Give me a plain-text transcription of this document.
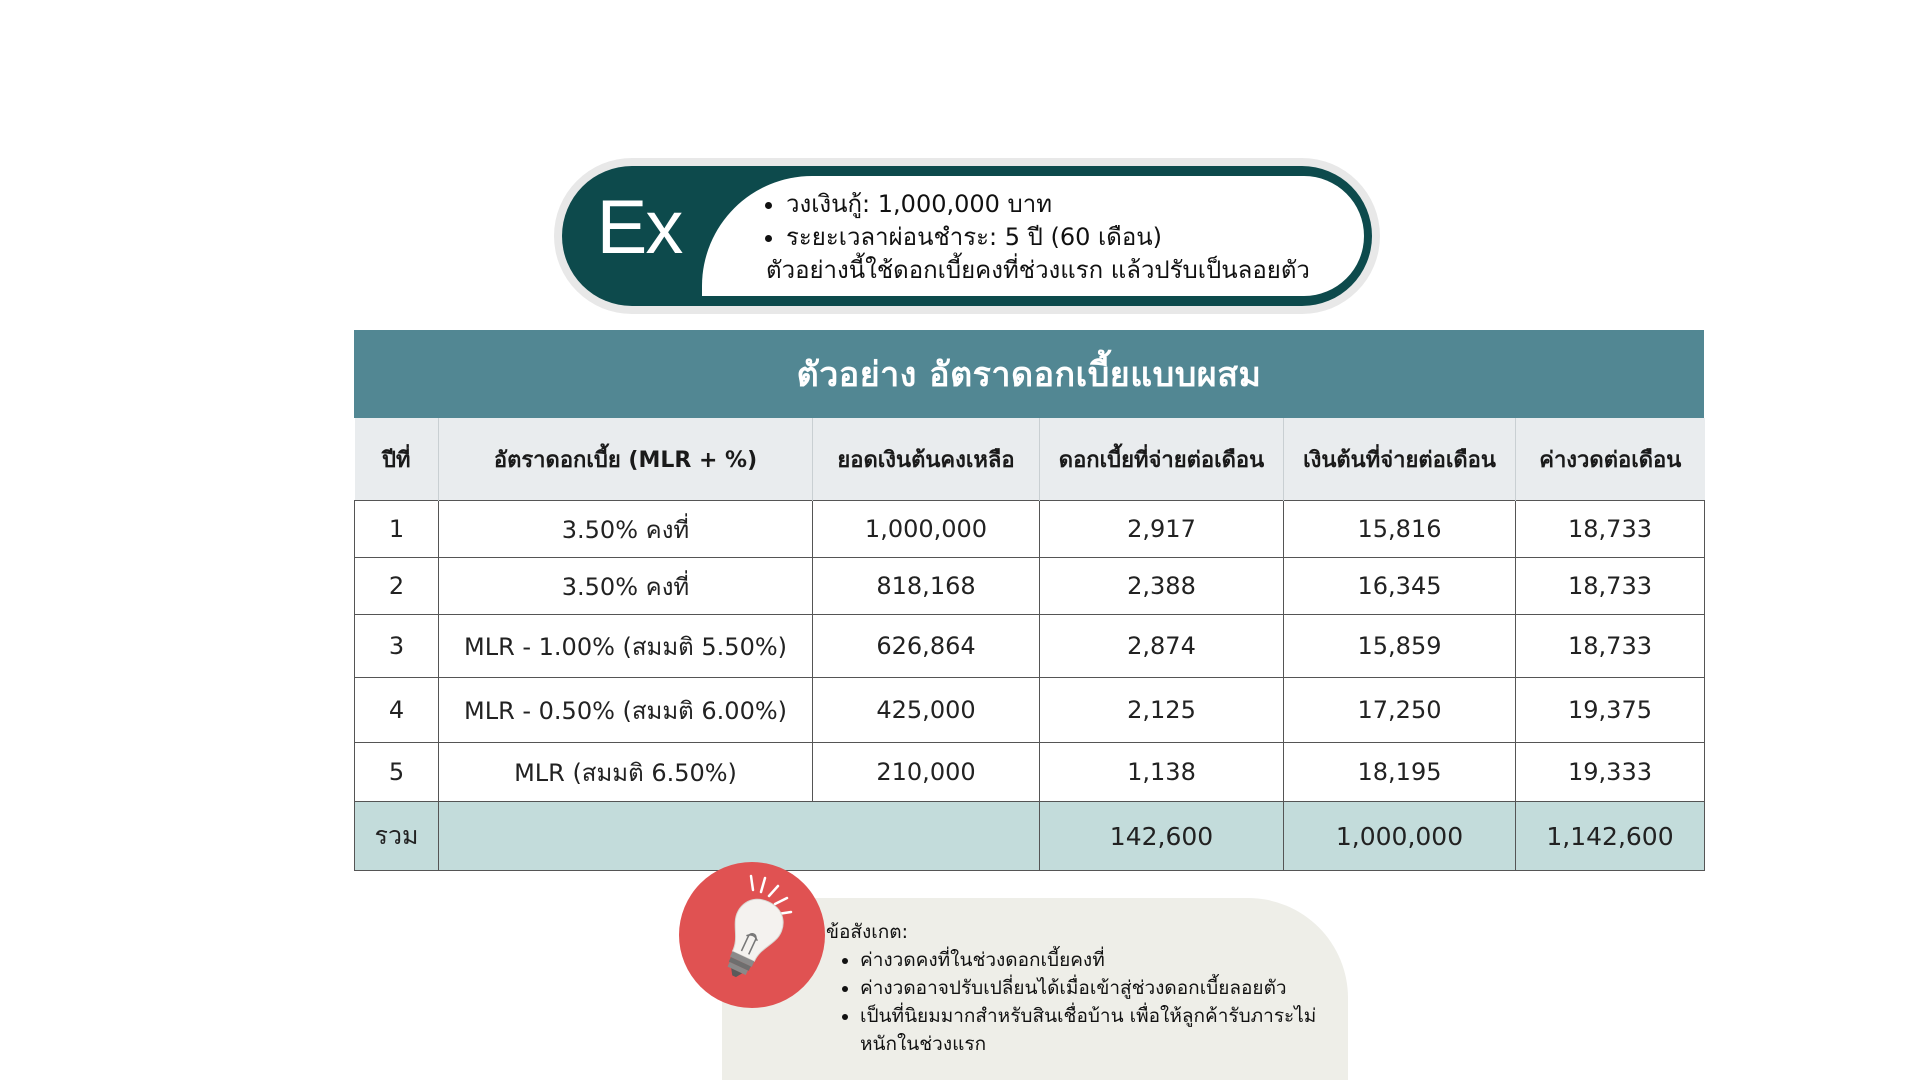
Ex	• วงเงินกู้: 1,000,000 บาท
• ระยะเวลาผ่อนชำระ: 5 ปี (60 เดือน)
ตัวอย่างนี้ใช้ดอกเบี้ยคงที่ช่วงแรก แล้วปรับเป็นลอยตัว
ตัวอย่าง อัตราดอกเบี้ยแบบผสม
ปีที่	อัตราดอกเบี้ย (MLR + %)	ยอดเงินต้นคงเหลือ	ดอกเบี้ยที่จ่ายต่อเดือน	เงินต้นที่จ่ายต่อเดือน	ค่างวดต่อเดือน
1	3.50% คงที่	1,000,000	2,917	15,816	18,733
2	3.50% คงที่	818,168	2,388	16,345	18,733
3	MLR - 1.00% (สมมติ 5.50%)	626,864	2,874	15,859	18,733
4	MLR - 0.50% (สมมติ 6.00%)	425,000	2,125	17,250	19,375
5	MLR (สมมติ 6.50%)	210,000	1,138	18,195	19,333
รวม			142,600	1,000,000	1,142,600
ข้อสังเกต:
• ค่างวดคงที่ในช่วงดอกเบี้ยคงที่
• ค่างวดอาจปรับเปลี่ยนได้เมื่อเข้าสู่ช่วงดอกเบี้ยลอยตัว
• เป็นที่นิยมมากสำหรับสินเชื่อบ้าน เพื่อให้ลูกค้ารับภาระไม่หนักในช่วงแรก
